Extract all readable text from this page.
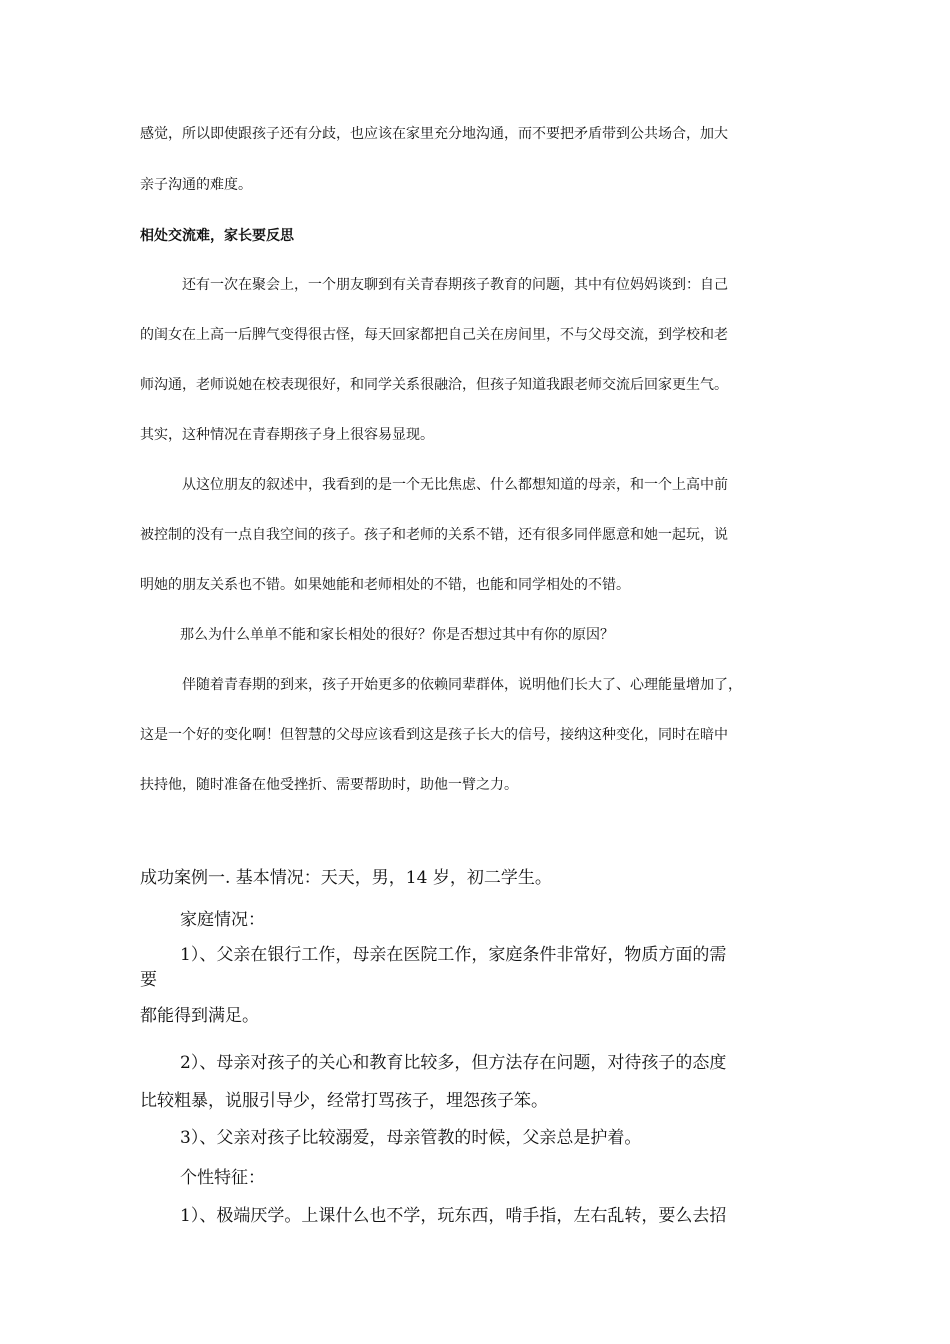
感觉，所以即使跟孩子还有分歧，也应该在家里充分地沟通，而不要把矛盾带到公共场合，加大
亲子沟通的难度。
相处交流难，家长要反思
还有一次在聚会上，一个朋友聊到有关青春期孩子教育的问题，其中有位妈妈谈到：自己
的闺女在上高一后脾气变得很古怪，每天回家都把自己关在房间里，不与父母交流，到学校和老
师沟通，老师说她在校表现很好，和同学关系很融洽，但孩子知道我跟老师交流后回家更生气。
其实，这种情况在青春期孩子身上很容易显现。
从这位朋友的叙述中，我看到的是一个无比焦虑、什么都想知道的母亲，和一个上高中前
被控制的没有一点自我空间的孩子。孩子和老师的关系不错，还有很多同伴愿意和她一起玩，说
明她的朋友关系也不错。如果她能和老师相处的不错，也能和同学相处的不错。
那么为什么单单不能和家长相处的很好？你是否想过其中有你的原因？
伴随着青春期的到来，孩子开始更多的依赖同辈群体，说明他们长大了、心理能量增加了，
这是一个好的变化啊！但智慧的父母应该看到这是孩子长大的信号，接纳这种变化，同时在暗中
扶持他，随时准备在他受挫折、需要帮助时，助他一臂之力。
成功案例一. 基本情况：天天，男，14 岁，初二学生。
家庭情况：
1）、父亲在银行工作，母亲在医院工作，家庭条件非常好，物质方面的需
要
都能得到满足。
2）、母亲对孩子的关心和教育比较多，但方法存在问题，对待孩子的态度
比较粗暴，说服引导少，经常打骂孩子，埋怨孩子笨。
3）、父亲对孩子比较溺爱，母亲管教的时候，父亲总是护着。
个性特征：
1）、极端厌学。上课什么也不学，玩东西，啃手指，左右乱转，要么去招
